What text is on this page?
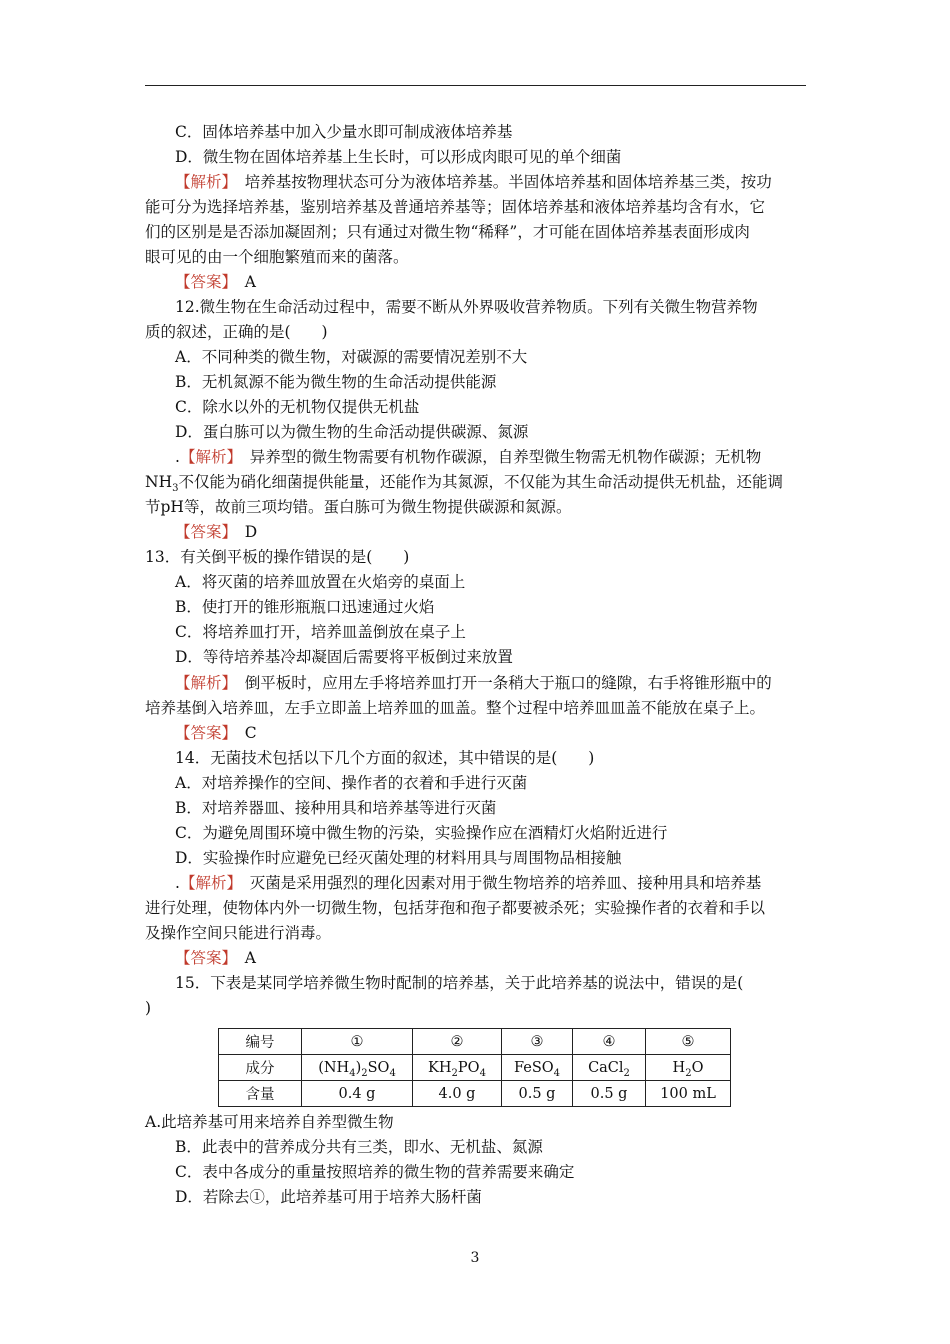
C．固体培养基中加入少量水即可制成液体培养基
D．微生物在固体培养基上生长时，可以形成肉眼可见的单个细菌
【解析】　 培养基按物理状态可分为液体培养基。半固体培养基和固体培养基三类，按功
能可分为选择培养基，鉴别培养基及普通培养基等；固体培养基和液体培养基均含有水，它
们的区别是是否添加凝固剂；只有通过对微生物“稀释”，才可能在固体培养基表面形成肉
眼可见的由一个细胞繁殖而来的菌落。
【答案】　 A
12.微生物在生命活动过程中，需要不断从外界吸收营养物质。下列有关微生物营养物
质的叙述，正确的是(　　)
A．不同种类的微生物，对碳源的需要情况差别不大
B．无机氮源不能为微生物的生命活动提供能源
C．除水以外的无机物仅提供无机盐
D．蛋白胨可以为微生物的生命活动提供碳源、氮源
.【解析】　 异养型的微生物需要有机物作碳源，自养型微生物需无机物作碳源；无机物
$NH_3$不仅能为硝化细菌提供能量，还能作为其氮源，不仅能为其生命活动提供无机盐，还能调
节pH等，故前三项均错。蛋白胨可为微生物提供碳源和氮源。
【答案】　 D
13．有关倒平板的操作错误的是(　　)
A．将灭菌的培养皿放置在火焰旁的桌面上
B．使打开的锥形瓶瓶口迅速通过火焰
C．将培养皿打开，培养皿盖倒放在桌子上
D．等待培养基冷却凝固后需要将平板倒过来放置
【解析】　 倒平板时，应用左手将培养皿打开一条稍大于瓶口的缝隙，右手将锥形瓶中的
培养基倒入培养皿，左手立即盖上培养皿的皿盖。整个过程中培养皿皿盖不能放在桌子上。
【答案】　 C
14．无菌技术包括以下几个方面的叙述，其中错误的是(　　)
A．对培养操作的空间、操作者的衣着和手进行灭菌
B．对培养器皿、接种用具和培养基等进行灭菌
C．为避免周围环境中微生物的污染，实验操作应在酒精灯火焰附近进行
D．实验操作时应避免已经灭菌处理的材料用具与周围物品相接触
.【解析】　 灭菌是采用强烈的理化因素对用于微生物培养的培养皿、接种用具和培养基
进行处理，使物体内外一切微生物，包括芽孢和孢子都要被杀死；实验操作者的衣着和手以
及操作空间只能进行消毒。
【答案】　 A
15．下表是某同学培养微生物时配制的培养基，关于此培养基的说法中，错误的是(
)
编号	①	②	③	④	⑤
成分	$(NH_4)_2SO_4$	$KH_2PO_4$	FeSO$_4$	CaCl$_2$	$H_2O$
含量	0.4 g	4.0 g	0.5 g	0.5 g	100 mL
A.此培养基可用来培养自养型微生物
B．此表中的营养成分共有三类，即水、无机盐、氮源
C．表中各成分的重量按照培养的微生物的营养需要来确定
D．若除去①，此培养基可用于培养大肠杆菌
3
